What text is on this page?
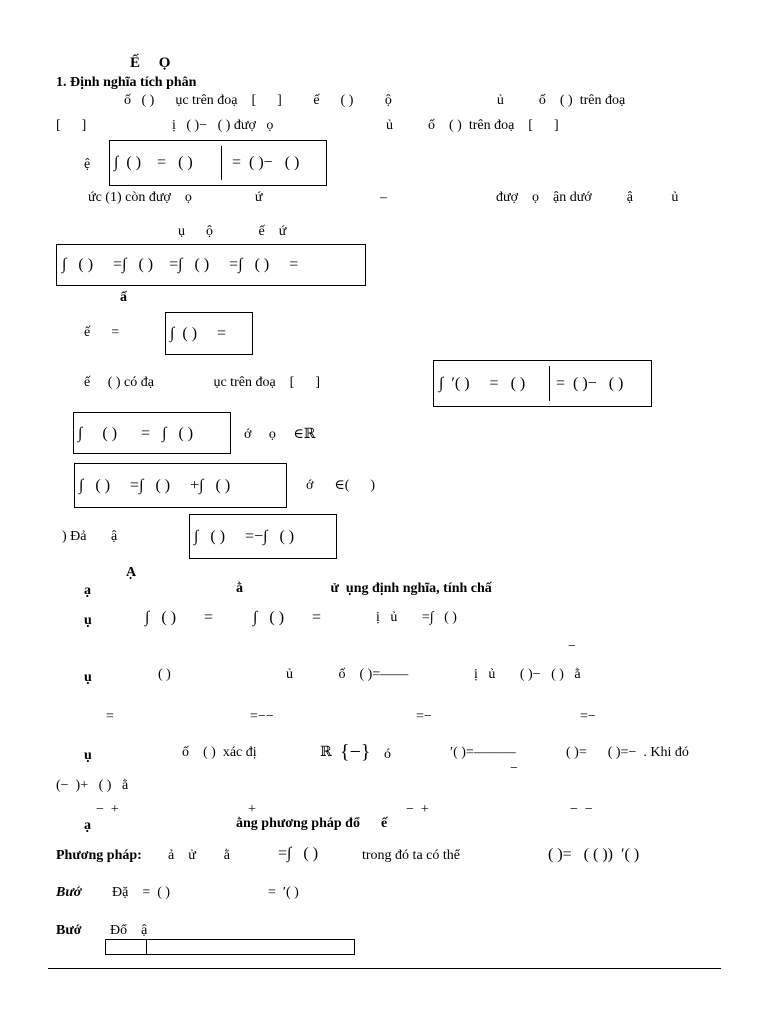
Ế     Ọ
1. Định nghĩa tích phân
ố   ( )      ục trên đoạ    [      ]         ế      ( )         ộ                              ủ          ố    ( )  trên đoạ
[      ]	ị   ( )−   ( ) đượ   ọ	ủ          ố    ( )  trên đoạ    [      ]
ệ ∫  ( )    =   ( ) =  ( )−   ( )
ức (1) còn đượ    ọ                  ứ	–	đượ    ọ    ận dướ          ậ           ủ
ụ      ộ             ế    ứ
∫   ( )     =∫   ( )    =∫   ( )     =∫   ( )     =
ấ
ế      =	∫  ( )     =
ế     ( ) có đạ                 ục trên đoạ    [      ]	∫  ′( )     =   ( ) =  ( )−   ( )
∫     ( )      =   ∫   ( )	ớ     ọ     ∈ℝ
∫   ( )     =∫   ( )     +∫   ( )	ớ      ∈(      )
) Đả       ậ	∫   ( )     =−∫   ( )
Ạ
ạ	ằ                         ử  ụng định nghĩa, tính chấ
ụ	∫   ( )       = ∫   ( )       =	ị   ủ       =∫   ( )
−
ụ	( )	ủ             ố    ( )=——	ị   ủ       ( )−   ( )   ằ
=	=−−	=−	=−
ụ	ố    ( )  xác đị	ℝ {−} ó	′( )=———
−
( )=      ( )=−  . Khi đó
(−  )+   ( )   ằ
−  +	+	−  +	−  −
ạ	ằng phương pháp đổ      ế
Phương pháp: ả    ử        ằ	=∫   ( )	trong đó ta có thể	( )=   ( ( ))  ′( )
Bướ Đặ    =  ( )	=  ′( )
Bướ Đổ    ậ
